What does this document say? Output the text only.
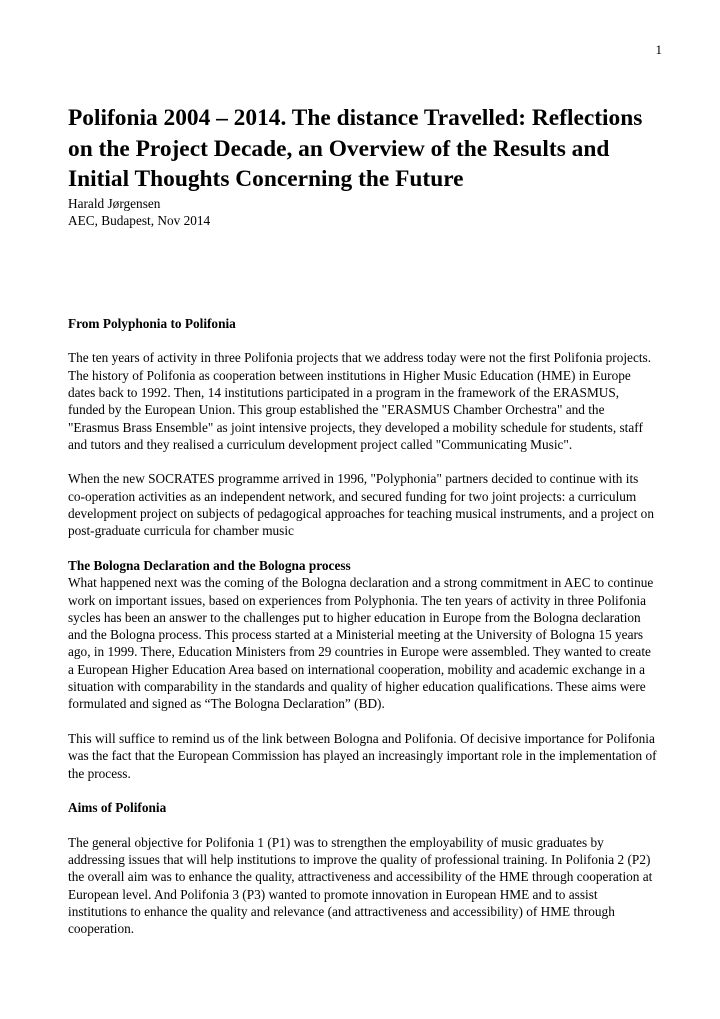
1
Polifonia 2004 – 2014. The distance Travelled: Reflections on the Project Decade, an Overview of the Results and Initial Thoughts Concerning the Future
Harald Jørgensen
AEC, Budapest, Nov 2014
From Polyphonia to Polifonia

The ten years of activity in three Polifonia projects that we address today were not the first Polifonia projects. The history of Polifonia as cooperation between institutions in Higher Music Education (HME) in Europe dates back to 1992. Then, 14 institutions participated in a program in the framework of the ERASMUS, funded by the European Union. This group established the "ERASMUS Chamber Orchestra" and the "Erasmus Brass Ensemble" as joint intensive projects, they developed a mobility schedule for students, staff and tutors and they realised a curriculum development project called "Communicating Music".

When the new SOCRATES programme arrived in 1996, "Polyphonia" partners decided to continue with its co-operation activities as an independent network, and secured funding for two joint projects: a curriculum development project on subjects of pedagogical approaches for teaching musical instruments, and a project on post-graduate curricula for chamber music

The Bologna Declaration and the Bologna process

What happened next was the coming of the Bologna declaration and a strong commitment in AEC to continue work on important issues, based on experiences from Polyphonia. The ten years of activity in three Polifonia sycles has been an answer to the challenges put to higher education in Europe from the Bologna declaration and the Bologna process. This process started at a Ministerial meeting at the University of Bologna 15 years ago, in 1999. There, Education Ministers from 29 countries in Europe were assembled. They wanted to create a European Higher Education Area based on international cooperation, mobility and academic exchange in a situation with comparability in the standards and quality of higher education qualifications. These aims were formulated and signed as “The Bologna Declaration” (BD).

This will suffice to remind us of the link between Bologna and Polifonia. Of decisive importance for Polifonia was the fact that the European Commission has played an increasingly important role in the implementation of the process.

Aims of Polifonia

The general objective for Polifonia 1 (P1) was to strengthen the employability of music graduates by addressing issues that will help institutions to improve the quality of professional training. In Polifonia 2 (P2) the overall aim was to enhance the quality, attractiveness and accessibility of the HME through cooperation at European level. And Polifonia 3 (P3) wanted to promote innovation in European HME and to assist institutions to enhance the quality and relevance (and attractiveness and accessibility) of HME through cooperation.
